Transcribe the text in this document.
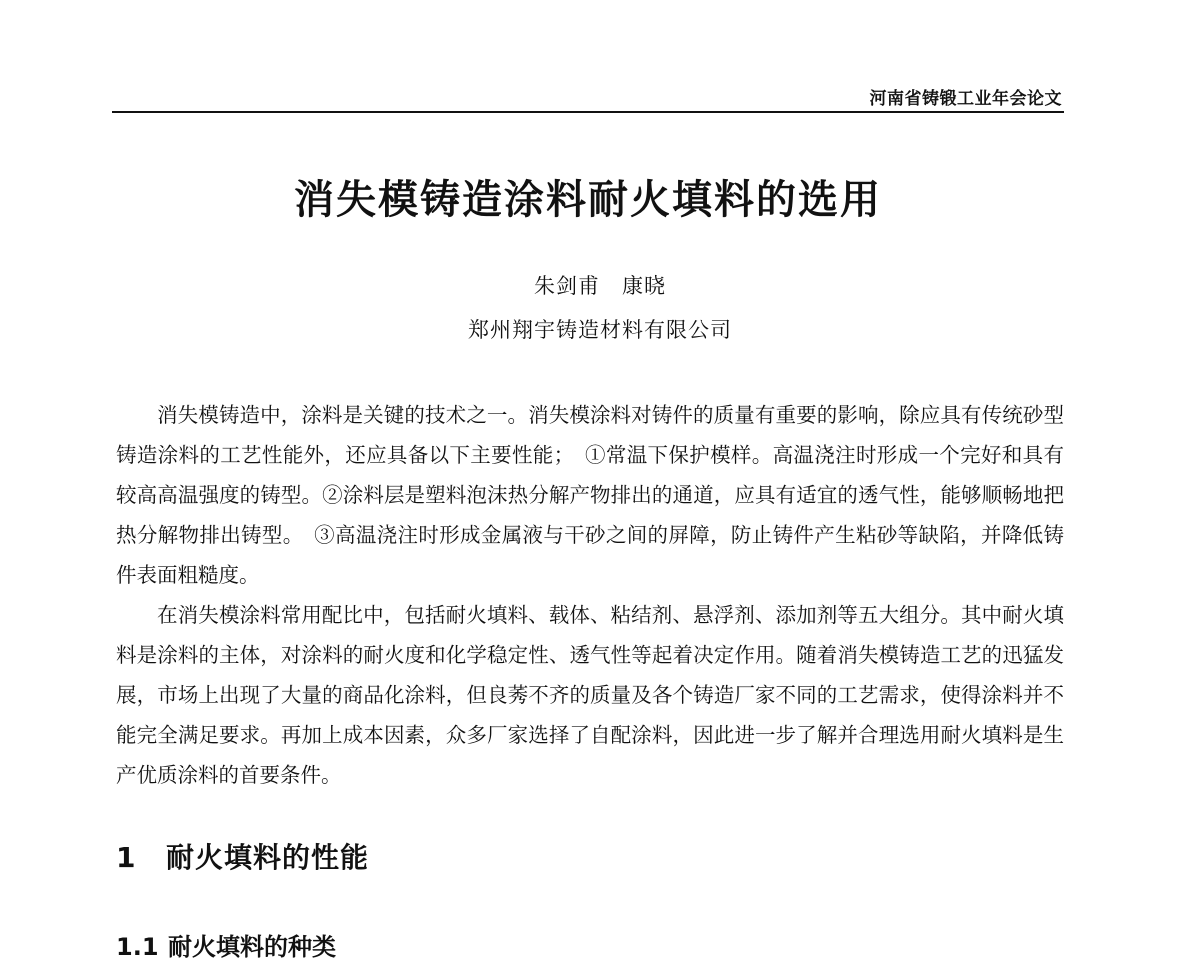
河南省铸锻工业年会论文
消失模铸造涂料耐火填料的选用
朱剑甫　康晓
郑州翔宇铸造材料有限公司

消失模铸造中，涂料是关键的技术之一。消失模涂料对铸件的质量有重要的影响，除应具有传统砂型铸造涂料的工艺性能外，还应具备以下主要性能；　①常温下保护模样。高温浇注时形成一个完好和具有较高高温强度的铸型。②涂料层是塑料泡沫热分解产物排出的通道，应具有适宜的透气性，能够顺畅地把热分解物排出铸型。　③高温浇注时形成金属液与干砂之间的屏障，防止铸件产生粘砂等缺陷，并降低铸件表面粗糙度。

在消失模涂料常用配比中，包括耐火填料、载体、粘结剂、悬浮剂、添加剂等五大组分。其中耐火填料是涂料的主体，对涂料的耐火度和化学稳定性、透气性等起着决定作用。随着消失模铸造工艺的迅猛发展，市场上出现了大量的商品化涂料，但良莠不齐的质量及各个铸造厂家不同的工艺需求，使得涂料并不能完全满足要求。再加上成本因素，众多厂家选择了自配涂料，因此进一步了解并合理选用耐火填料是生产优质涂料的首要条件。

1 耐火填料的性能
1.1 耐火填料的种类
